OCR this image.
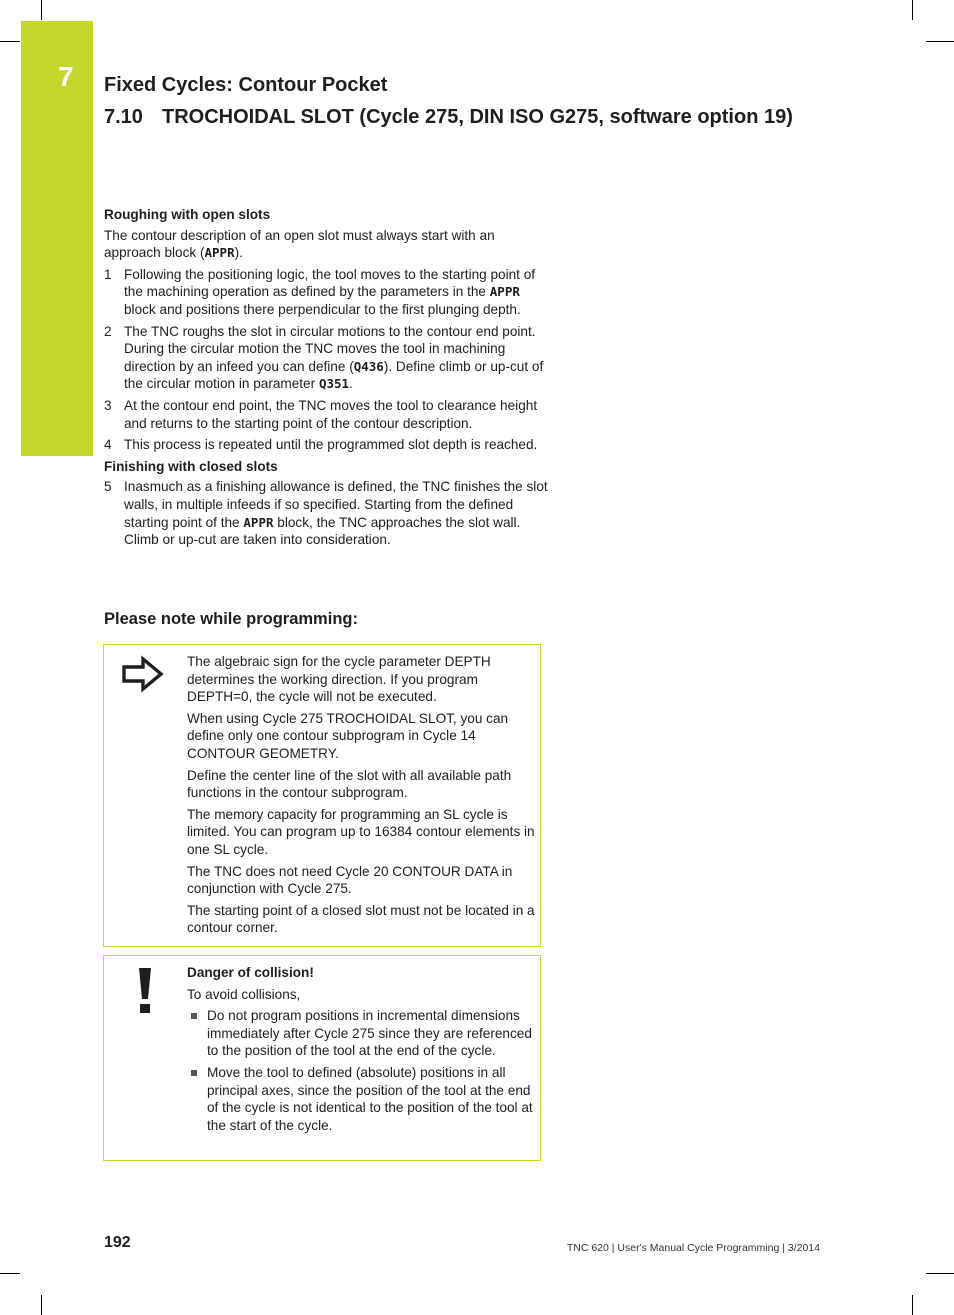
7 Fixed Cycles: Contour Pocket
7.10 TROCHOIDAL SLOT (Cycle 275, DIN ISO G275, software option 19)
Roughing with open slots

The contour description of an open slot must always start with an approach block (APPR).

1 Following the positioning logic, the tool moves to the starting point of the machining operation as defined by the parameters in the APPR block and positions there perpendicular to the first plunging depth.
2 The TNC roughs the slot in circular motions to the contour end point. During the circular motion the TNC moves the tool in machining direction by an infeed you can define (Q436). Define climb or up-cut of the circular motion in parameter Q351.
3 At the contour end point, the TNC moves the tool to clearance height and returns to the starting point of the contour description.
4 This process is repeated until the programmed slot depth is reached.
Finishing with closed slots
5 Inasmuch as a finishing allowance is defined, the TNC finishes the slot walls, in multiple infeeds if so specified. Starting from the defined starting point of the APPR block, the TNC approaches the slot wall. Climb or up-cut are taken into consideration.
Please note while programming:

The algebraic sign for the cycle parameter DEPTH determines the working direction. If you program DEPTH=0, the cycle will not be executed.

When using Cycle 275 TROCHOIDAL SLOT, you can define only one contour subprogram in Cycle 14 CONTOUR GEOMETRY.

Define the center line of the slot with all available path functions in the contour subprogram.

The memory capacity for programming an SL cycle is limited. You can program up to 16384 contour elements in one SL cycle.

The TNC does not need Cycle 20 CONTOUR DATA in conjunction with Cycle 275.

The starting point of a closed slot must not be located in a contour corner.

Danger of collision!

To avoid collisions,

Do not program positions in incremental dimensions immediately after Cycle 275 since they are referenced to the position of the tool at the end of the cycle.
Move the tool to defined (absolute) positions in all principal axes, since the position of the tool at the end of the cycle is not identical to the position of the tool at the start of the cycle.
192	TNC 620 | User's Manual Cycle Programming | 3/2014
